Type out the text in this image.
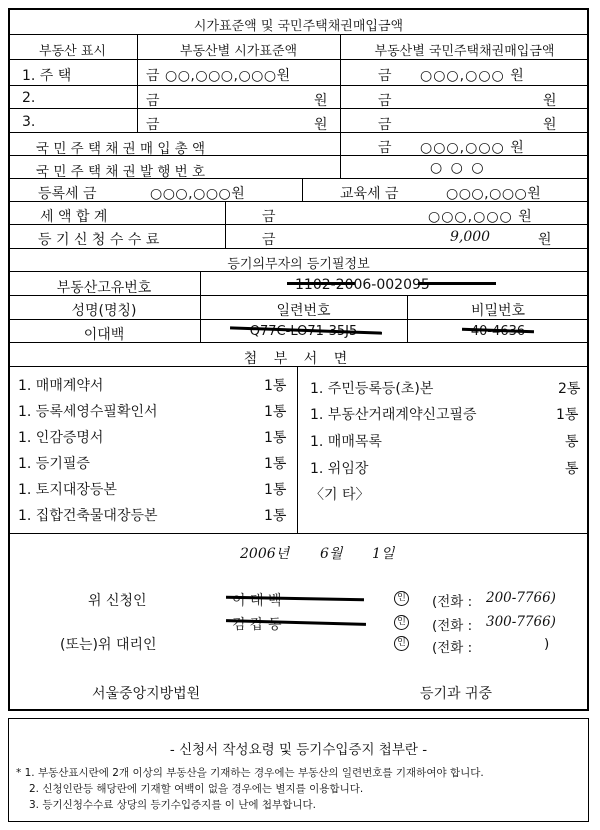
시가표준액 및 국민주택채권매입금액
부동산 표시	부동산별 시가표준액	부동산별 국민주택채권매입금액
1. 주 택	금 ○○,○○○,○○○원	금 ○○○,○○○ 원
2.	금	원	금	원
3.	금	원	금	원
국 민 주 택 채 권 매 입 총 액	금 ○○○,○○○ 원
국 민 주 택 채 권 발 행 번 호	○ ○ ○
등록세 금	○○○,○○○원	교육세 금	○○○,○○○원
세 액 합 계	금	○○○,○○○ 원
등 기 신 청 수 수 료	금	9,000	원
등기의무자의 등기필정보
부동산고유번호	1102-2006-002095
성명(명칭)	일련번호	비밀번호
이대백	Q77C-LO71-35J5	40-4636
첨 부 서 면
1. 매매계약서	1통
1. 등록세영수필확인서	1통
1. 인감증명서	1통
1. 등기필증	1통
1. 토지대장등본	1통
1. 집합건축물대장등본	1통
1. 주민등록등(초)본	2통
1. 부동산거래계약신고필증	1통
1. 매매목록	통
1. 위임장	통
〈기 타〉
2006년 6월 1일
위 신청인	이 대 백	인 (전화 : 200-7766)
김 갑 동	인 (전화 : 300-7766)
(또는)위 대리인	인 (전화 :	)
서울중앙지방법원	등기과 귀중
- 신청서 작성요령 및 등기수입증지 첩부란 -
* 1. 부동산표시란에 2개 이상의 부동산을 기재하는 경우에는 부동산의 일련번호를 기재하여야 합니다.
2. 신청인란등 해당란에 기재할 여백이 없을 경우에는 별지를 이용합니다.
3. 등기신청수수료 상당의 등기수입증지를 이 난에 첩부합니다.
